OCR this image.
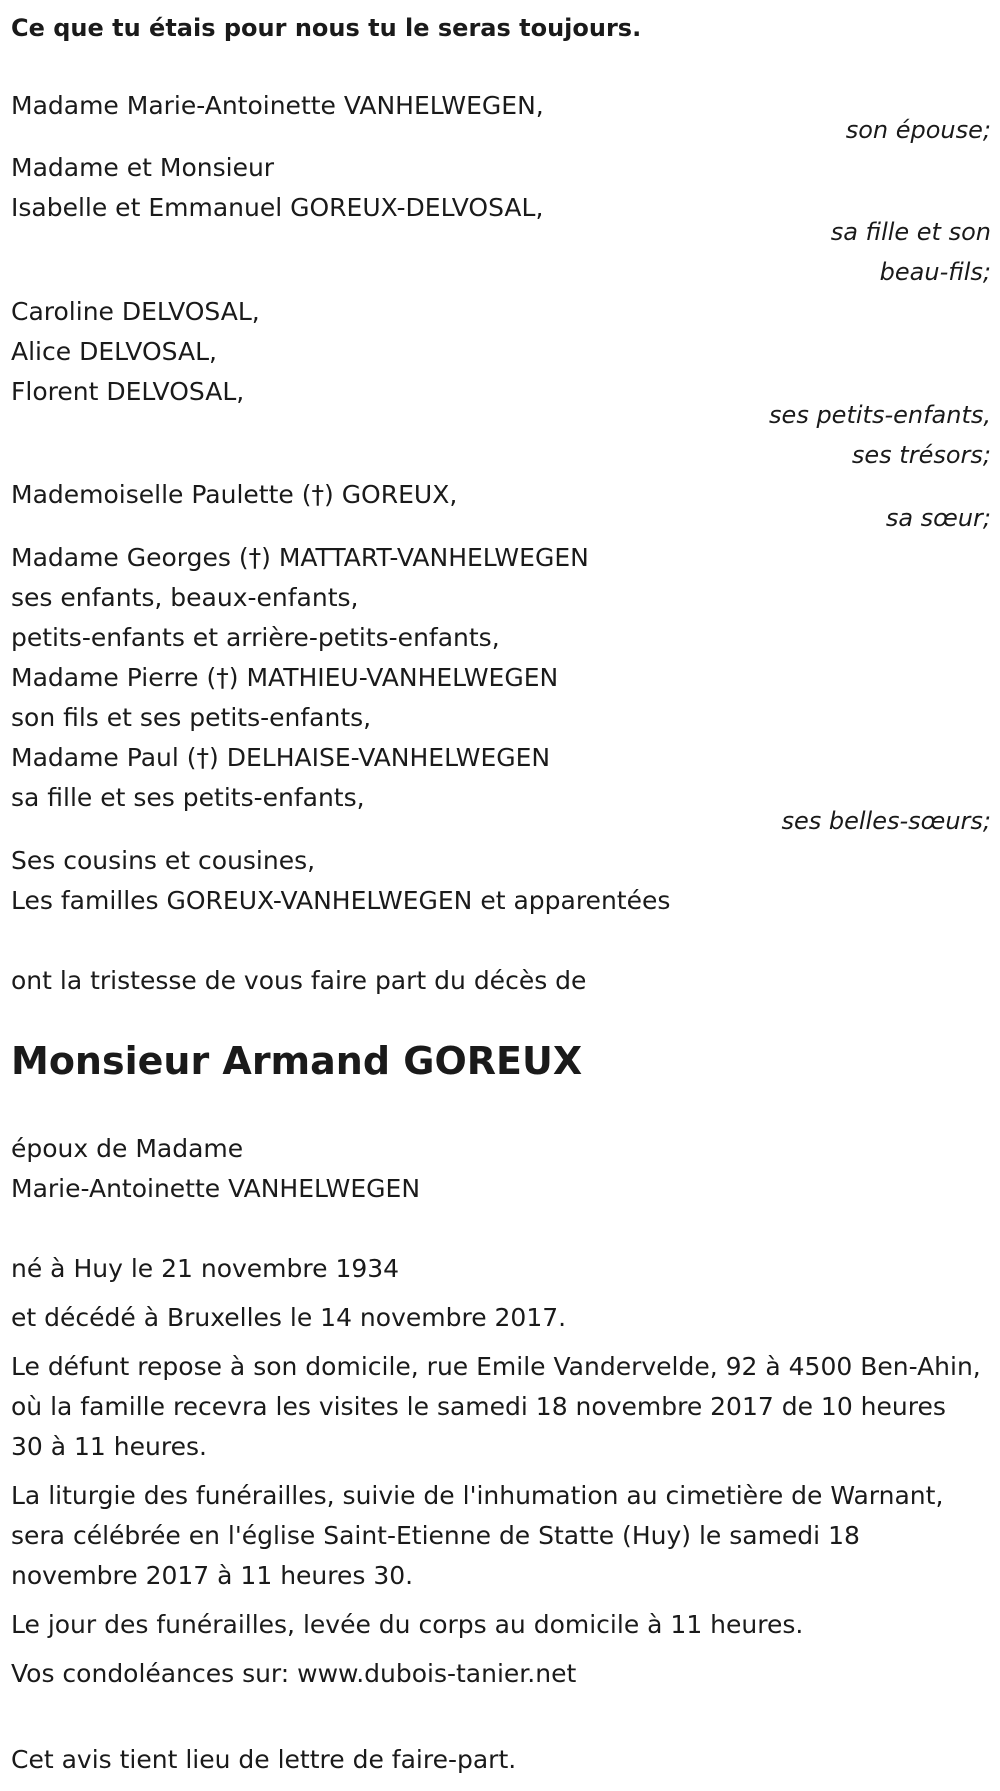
Ce que tu étais pour nous tu le seras toujours.
Madame Marie-Antoinette VANHELWEGEN,
son épouse;
Madame et Monsieur
Isabelle et Emmanuel GOREUX-DELVOSAL,
sa fille et son
beau-fils;
Caroline DELVOSAL,
Alice DELVOSAL,
Florent DELVOSAL,
ses petits-enfants,
ses trésors;
Mademoiselle Paulette (†) GOREUX,
sa sœur;
Madame Georges (†) MATTART-VANHELWEGEN
ses enfants, beaux-enfants,
petits-enfants et arrière-petits-enfants,
Madame Pierre (†) MATHIEU-VANHELWEGEN
son fils et ses petits-enfants,
Madame Paul (†) DELHAISE-VANHELWEGEN
sa fille et ses petits-enfants,
ses belles-sœurs;
Ses cousins et cousines,
Les familles GOREUX-VANHELWEGEN et apparentées
ont la tristesse de vous faire part du décès de
Monsieur Armand GOREUX
époux de Madame
Marie-Antoinette VANHELWEGEN
né à Huy le 21 novembre 1934
et décédé à Bruxelles le 14 novembre 2017.
Le défunt repose à son domicile, rue Emile Vandervelde, 92 à 4500 Ben-Ahin, où la famille recevra les visites le samedi 18 novembre 2017 de 10 heures 30 à 11 heures.
La liturgie des funérailles, suivie de l'inhumation au cimetière de Warnant, sera célébrée en l'église Saint-Etienne de Statte (Huy) le samedi 18 novembre 2017 à 11 heures 30.
Le jour des funérailles, levée du corps au domicile à 11 heures.
Vos condoléances sur: www.dubois-tanier.net
Cet avis tient lieu de lettre de faire-part.
